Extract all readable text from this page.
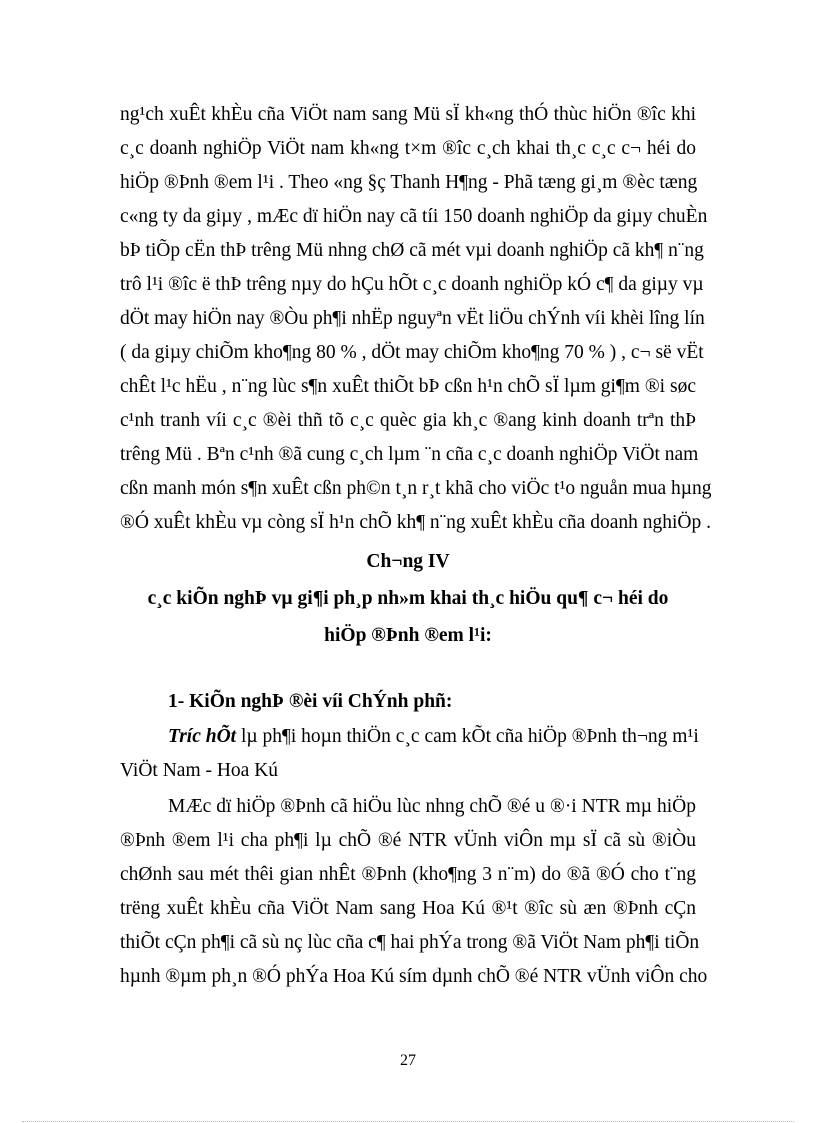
ng¹ch xuÊt khÈu cña ViÖt nam sang Mü sÏ kh«ng thÓ thùc hiÖn ®îc khi
c¸c doanh nghiÖp ViÖt nam kh«ng t×m ®îc c¸ch khai th¸c c¸c c¬ héi do
hiÖp ®Þnh ®em l¹i . Theo «ng §ç Thanh H¶ng - Phã tæng gi¸m ®èc tæng
c«ng ty da giµy , mÆc dï hiÖn nay cã tíi 150 doanh nghiÖp da giµy chuÈn
bÞ tiÕp cËn thÞ trêng Mü nhng chØ cã mét vµi doanh nghiÖp cã kh¶ n¨ng
trô l¹i ®îc ë thÞ trêng nµy do hÇu hÕt c¸c doanh nghiÖp kÓ c¶ da giµy vµ
dÖt may hiÖn nay ®Òu ph¶i nhËp nguyªn vËt liÖu chÝnh víi khèi lîng lín
( da giµy chiÕm kho¶ng 80 % , dÖt may chiÕm kho¶ng 70 % ) , c¬ së vËt
chÊt l¹c hËu , n¨ng lùc s¶n xuÊt thiÕt bÞ cßn h¹n chÕ sÏ lµm gi¶m ®i søc
c¹nh tranh víi c¸c ®èi thñ tõ c¸c quèc gia kh¸c ®ang kinh doanh trªn thÞ
trêng Mü . Bªn c¹nh ®ã cung c¸ch lµm ¨n cña c¸c doanh nghiÖp ViÖt nam
cßn manh món s¶n xuÊt cßn ph©n t¸n r¸t khã cho viÖc t¹o nguån mua hµng
®Ó xuÊt khÈu vµ còng sÏ h¹n chÕ kh¶ n¨ng xuÊt khÈu cña doanh nghiÖp .
Ch¬ng IV
c¸c kiÕn nghÞ vµ gi¶i ph¸p nh»m khai th¸c hiÖu qu¶ c¬ héi do
hiÖp ®Þnh ®em l¹i:
1- KiÕn nghÞ ®èi víi ChÝnh phñ:
Tríc hÕt lµ ph¶i hoµn thiÖn c¸c cam kÕt cña hiÖp ®Þnh th¬ng m¹i
ViÖt Nam - Hoa Kú
MÆc dï hiÖp ®Þnh cã hiÖu lùc nhng chÕ ®é u ®·i NTR mµ hiÖp
®Þnh ®em l¹i cha ph¶i lµ chÕ ®é NTR vÜnh viÔn mµ sÏ cã sù ®iÒu
chØnh sau mét thêi gian nhÊt ®Þnh (kho¶ng 3 n¨m) do ®ã ®Ó cho t¨ng
trëng xuÊt khÈu cña ViÖt Nam sang Hoa Kú ®¹t ®îc sù æn ®Þnh cÇn
thiÕt cÇn ph¶i cã sù nç lùc cña c¶ hai phÝa trong ®ã ViÖt Nam ph¶i tiÕn
hµnh ®µm ph¸n ®Ó phÝa Hoa Kú sím dµnh chÕ ®é NTR vÜnh viÔn cho
27
